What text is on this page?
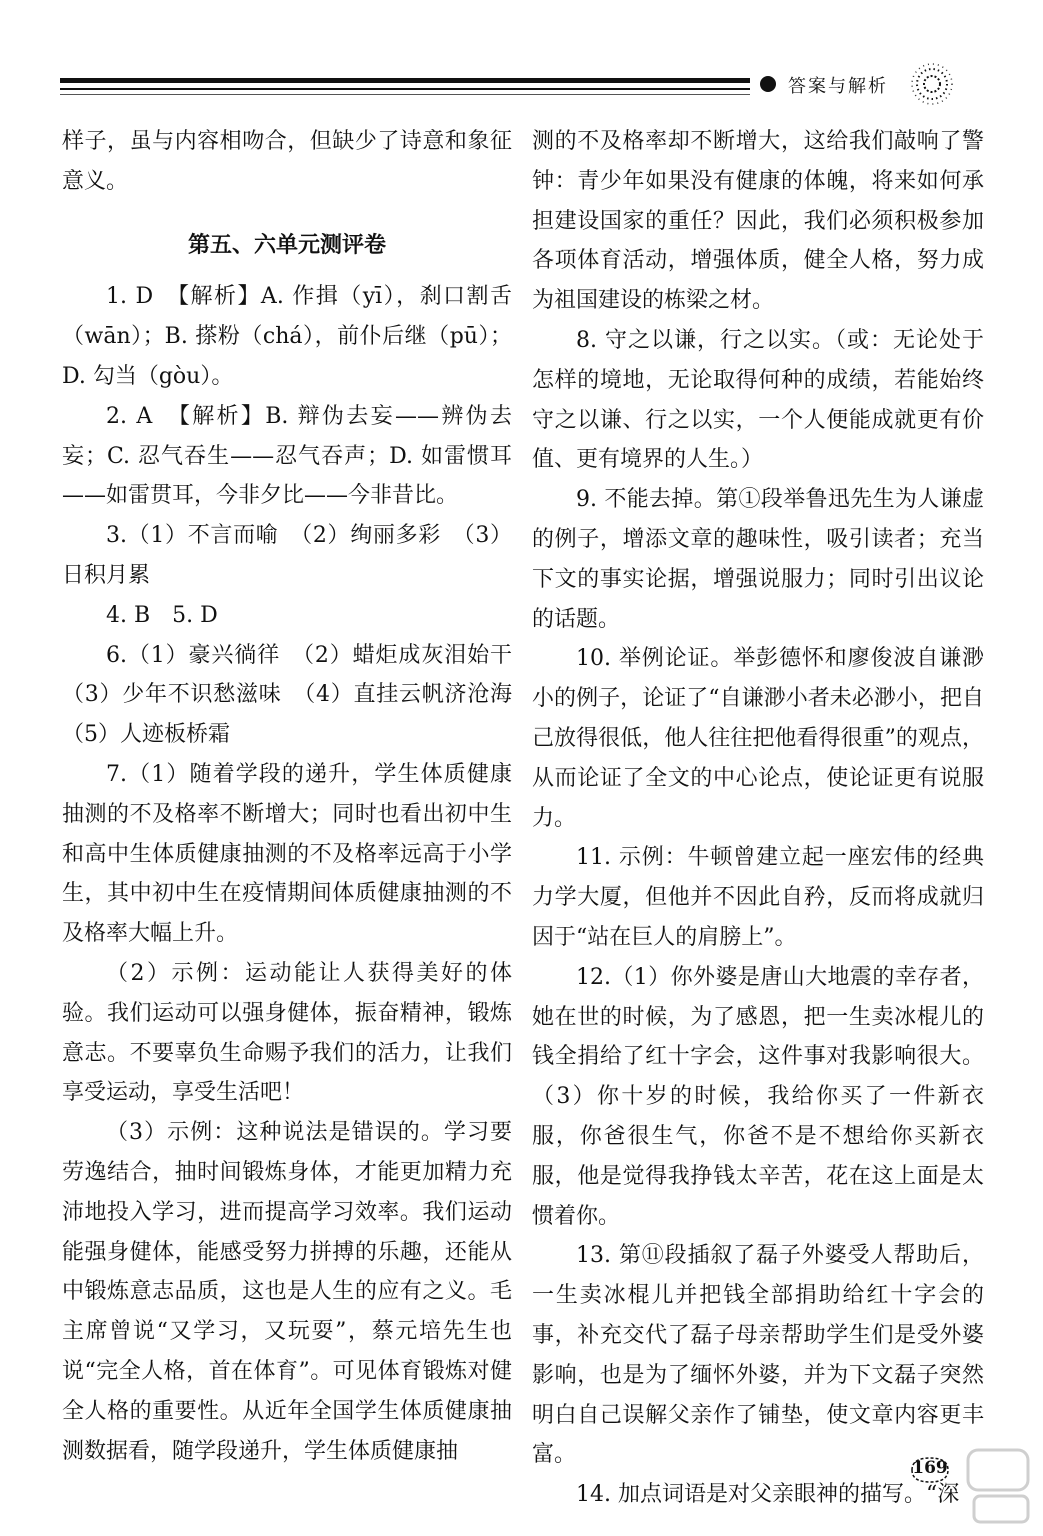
答案与解析

样子，虽与内容相吻合，但缺少了诗意和象征意义。

第五、六单元测评卷

1. D　【解析】A. 作揖（yī），刹口割舌（wān）；B. 搽粉（chá），前仆后继（pū）；D. 勾当（gòu）。

2. A　【解析】B. 辩伪去妄——辨伪去妄；C. 忍气吞生——忍气吞声；D. 如雷惯耳——如雷贯耳，今非夕比——今非昔比。

3.（1）不言而喻　（2）绚丽多彩　（3）日积月累

4. B　5. D

6.（1）豪兴徜徉　（2）蜡炬成灰泪始干（3）少年不识愁滋味　（4）直挂云帆济沧海（5）人迹板桥霜

7.（1）随着学段的递升，学生体质健康抽测的不及格率不断增大；同时也看出初中生和高中生体质健康抽测的不及格率远高于小学生，其中初中生在疫情期间体质健康抽测的不及格率大幅上升。

（2）示例：运动能让人获得美好的体验。我们运动可以强身健体，振奋精神，锻炼意志。不要辜负生命赐予我们的活力，让我们享受运动，享受生活吧！

（3）示例：这种说法是错误的。学习要劳逸结合，抽时间锻炼身体，才能更加精力充沛地投入学习，进而提高学习效率。我们运动能强身健体，能感受努力拼搏的乐趣，还能从中锻炼意志品质，这也是人生的应有之义。毛主席曾说“又学习，又玩耍”，蔡元培先生也说“完全人格，首在体育”。可见体育锻炼对健全人格的重要性。从近年全国学生体质健康抽测数据看，随学段递升，学生体质健康抽

测的不及格率却不断增大，这给我们敲响了警钟：青少年如果没有健康的体魄，将来如何承担建设国家的重任？因此，我们必须积极参加各项体育活动，增强体质，健全人格，努力成为祖国建设的栋梁之材。

8. 守之以谦，行之以实。（或：无论处于怎样的境地，无论取得何种的成绩，若能始终守之以谦、行之以实，一个人便能成就更有价值、更有境界的人生。）

9. 不能去掉。第①段举鲁迅先生为人谦虚的例子，增添文章的趣味性，吸引读者；充当下文的事实论据，增强说服力；同时引出议论的话题。

10. 举例论证。举彭德怀和廖俊波自谦渺小的例子，论证了“自谦渺小者未必渺小，把自己放得很低，他人往往把他看得很重”的观点，从而论证了全文的中心论点，使论证更有说服力。

11. 示例：牛顿曾建立起一座宏伟的经典力学大厦，但他并不因此自矜，反而将成就归因于“站在巨人的肩膀上”。

12.（1）你外婆是唐山大地震的幸存者，她在世的时候，为了感恩，把一生卖冰棍儿的钱全捐给了红十字会，这件事对我影响很大。（3）你十岁的时候，我给你买了一件新衣服，你爸很生气，你爸不是不想给你买新衣服，他是觉得我挣钱太辛苦，花在这上面是太惯着你。

13. 第⑪段插叙了磊子外婆受人帮助后，一生卖冰棍儿并把钱全部捐助给红十字会的事，补充交代了磊子母亲帮助学生们是受外婆影响，也是为了缅怀外婆，并为下文磊子突然明白自己误解父亲作了铺垫，使文章内容更丰富。

14. 加点词语是对父亲眼神的描写。“深

169
